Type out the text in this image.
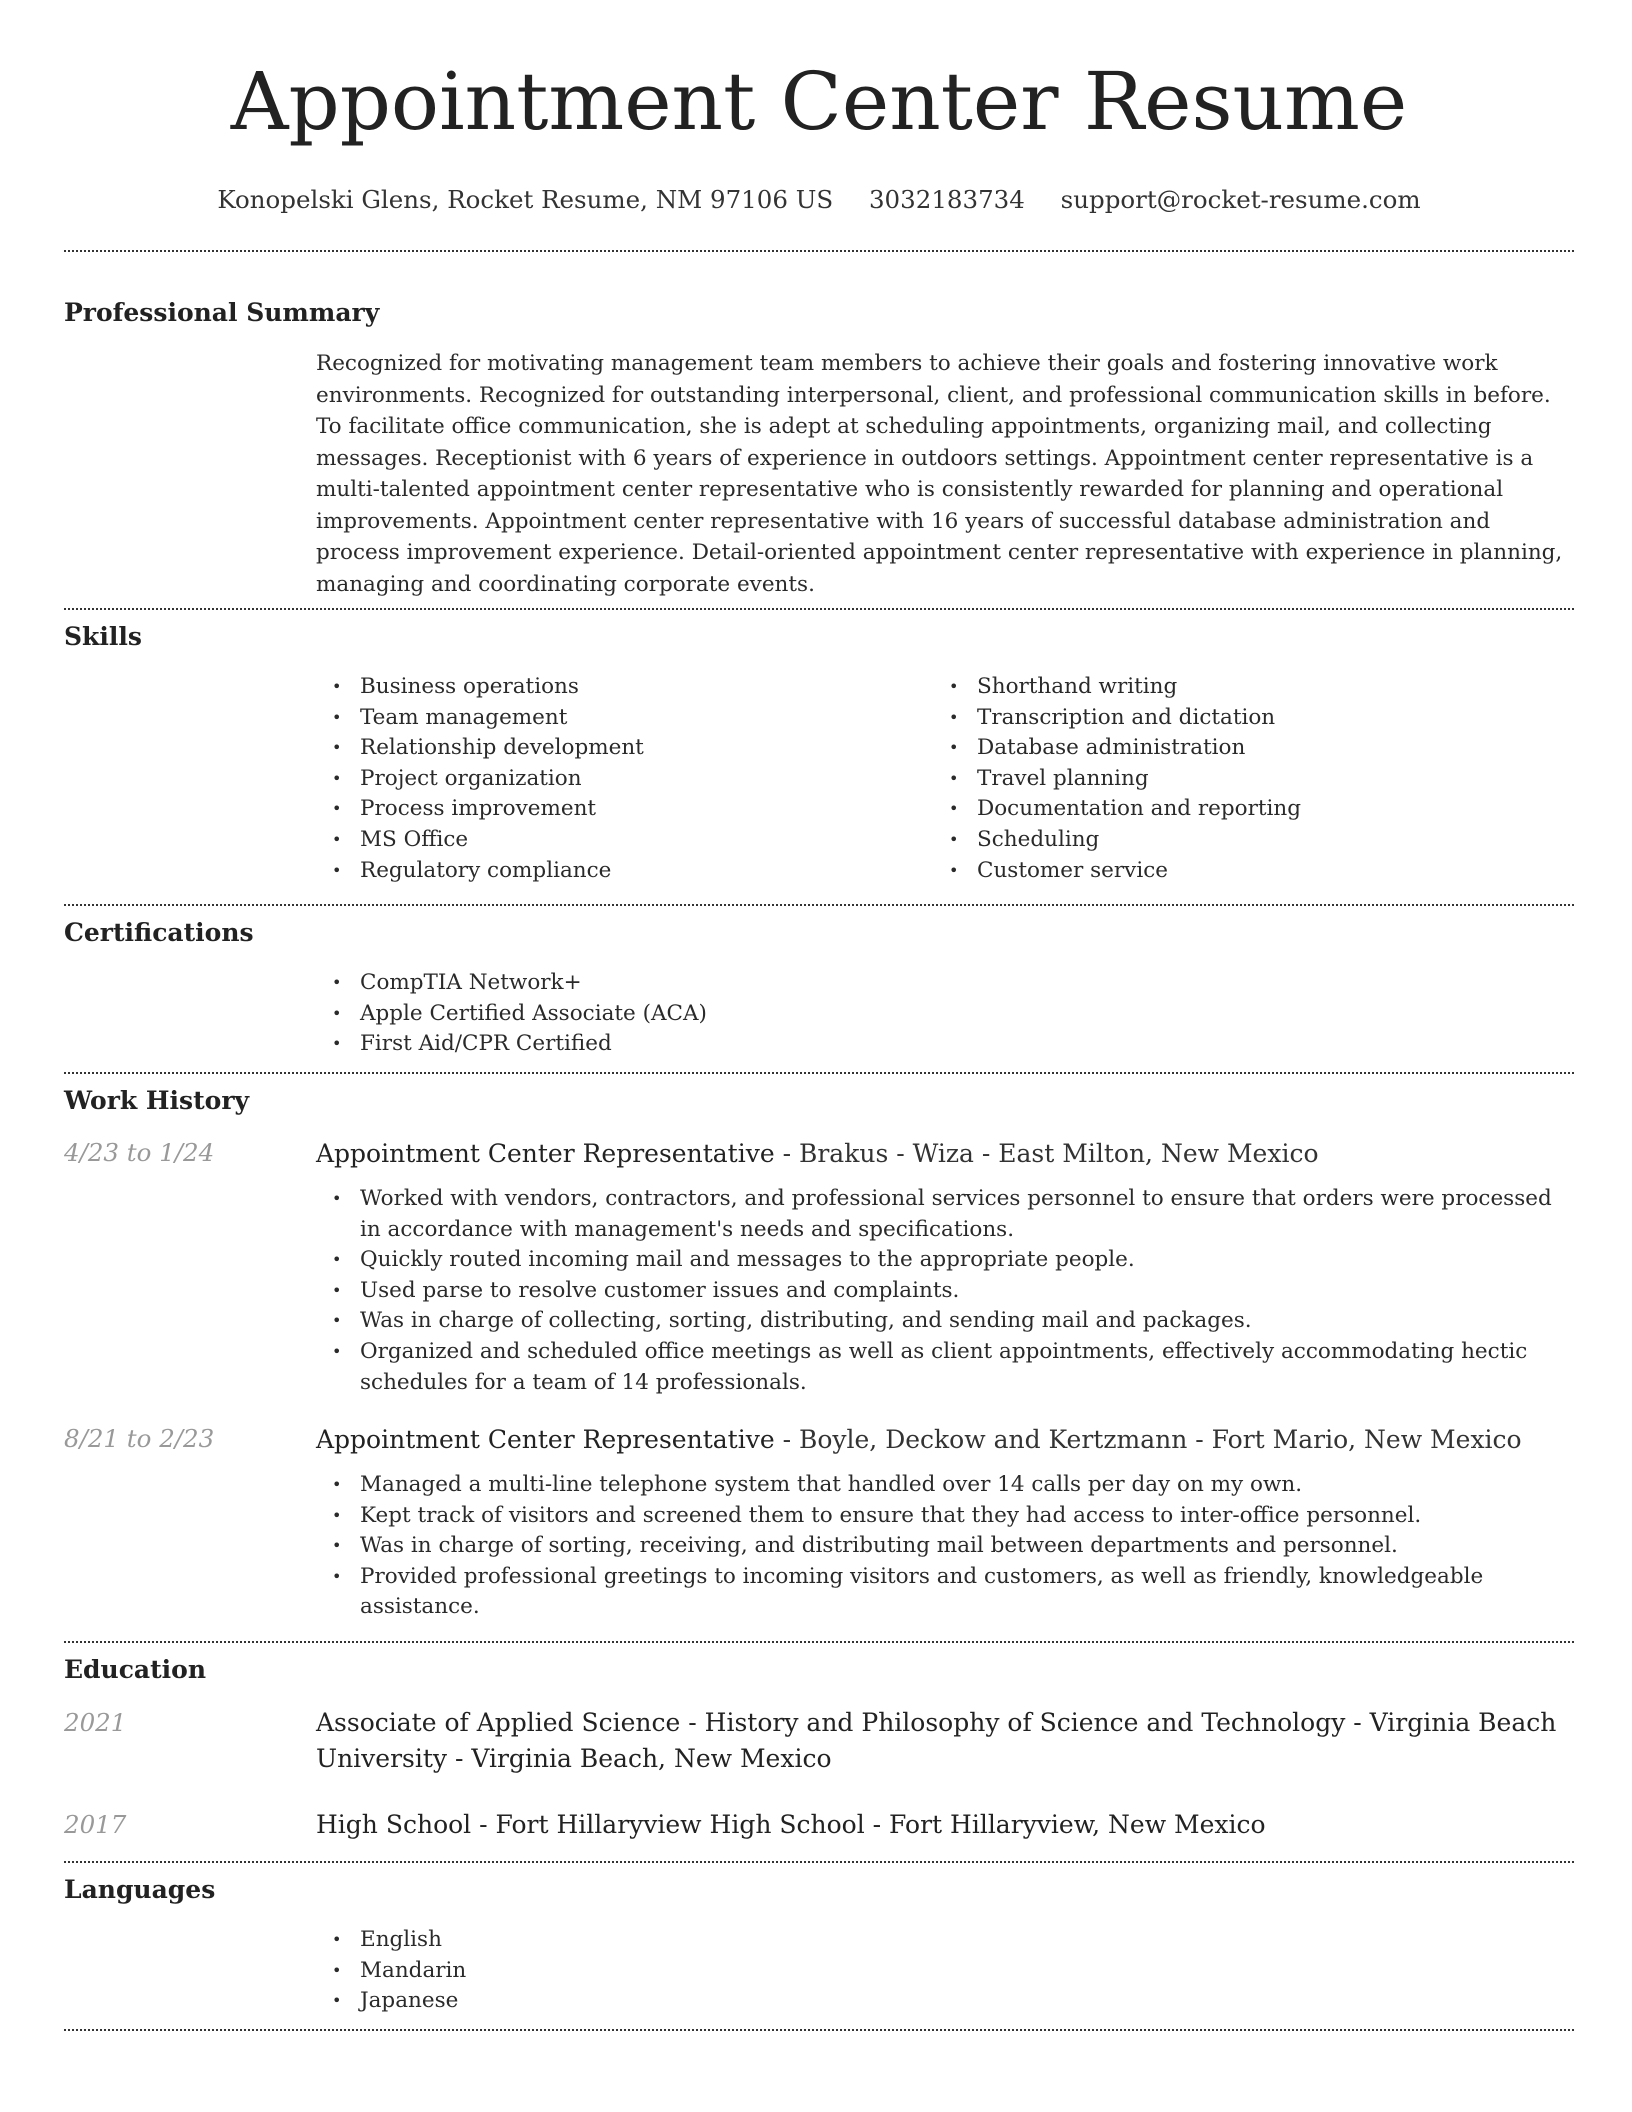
Appointment Center Resume
Konopelski Glens, Rocket Resume, NM 97106 US 3032183734 support@rocket-resume.com
Professional Summary

Recognized for motivating management team members to achieve their goals and fostering innovative work environments. Recognized for outstanding interpersonal, client, and professional communication skills in before. To facilitate office communication, she is adept at scheduling appointments, organizing mail, and collecting messages. Receptionist with 6 years of experience in outdoors settings. Appointment center representative is a multi-talented appointment center representative who is consistently rewarded for planning and operational improvements. Appointment center representative with 16 years of successful database administration and process improvement experience. Detail-oriented appointment center representative with experience in planning, managing and coordinating corporate events.

Skills
• Business operations
• Team management
• Relationship development
• Project organization
• Process improvement
• MS Office
• Regulatory compliance
• Shorthand writing
• Transcription and dictation
• Database administration
• Travel planning
• Documentation and reporting
• Scheduling
• Customer service
Certifications
• CompTIA Network+
• Apple Certified Associate (ACA)
• First Aid/CPR Certified
Work History
4/23 to 1/24	Appointment Center Representative - Brakus - Wiza - East Milton, New Mexico
• Worked with vendors, contractors, and professional services personnel to ensure that orders were processed in accordance with management's needs and specifications.
• Quickly routed incoming mail and messages to the appropriate people.
• Used parse to resolve customer issues and complaints.
• Was in charge of collecting, sorting, distributing, and sending mail and packages.
• Organized and scheduled office meetings as well as client appointments, effectively accommodating hectic schedules for a team of 14 professionals.
8/21 to 2/23	Appointment Center Representative - Boyle, Deckow and Kertzmann - Fort Mario, New Mexico
• Managed a multi-line telephone system that handled over 14 calls per day on my own.
• Kept track of visitors and screened them to ensure that they had access to inter-office personnel.
• Was in charge of sorting, receiving, and distributing mail between departments and personnel.
• Provided professional greetings to incoming visitors and customers, as well as friendly, knowledgeable assistance.
Education
2021	Associate of Applied Science - History and Philosophy of Science and Technology - Virginia Beach University - Virginia Beach, New Mexico
2017	High School - Fort Hillaryview High School - Fort Hillaryview, New Mexico
Languages
• English
• Mandarin
• Japanese
